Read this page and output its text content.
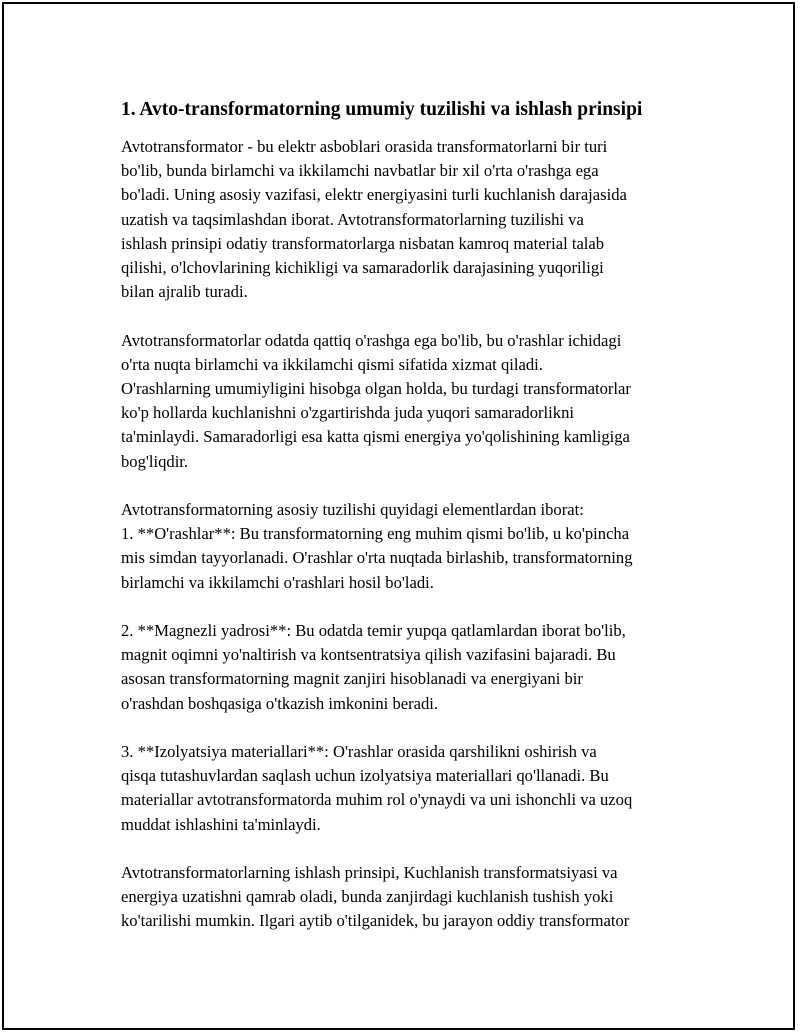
1. Avto-transformatorning umumiy tuzilishi va ishlash prinsipi
Avtotransformator - bu elektr asboblari orasida transformatorlarni bir turi
bo'lib, bunda birlamchi va ikkilamchi navbatlar bir xil o'rta o'rashga ega
bo'ladi. Uning asosiy vazifasi, elektr energiyasini turli kuchlanish darajasida
uzatish va taqsimlashdan iborat. Avtotransformatorlarning tuzilishi va
ishlash prinsipi odatiy transformatorlarga nisbatan kamroq material talab
qilishi, o'lchovlarining kichikligi va samaradorlik darajasining yuqoriligi
bilan ajralib turadi.
Avtotransformatorlar odatda qattiq o'rashga ega bo'lib, bu o'rashlar ichidagi
o'rta nuqta birlamchi va ikkilamchi qismi sifatida xizmat qiladi.
O'rashlarning umumiyligini hisobga olgan holda, bu turdagi transformatorlar
ko'p hollarda kuchlanishni o'zgartirishda juda yuqori samaradorlikni
ta'minlaydi. Samaradorligi esa katta qismi energiya yo'qolishining kamligiga
bog'liqdir.
Avtotransformatorning asosiy tuzilishi quyidagi elementlardan iborat:
1. **O'rashlar**: Bu transformatorning eng muhim qismi bo'lib, u ko'pincha
mis simdan tayyorlanadi. O'rashlar o'rta nuqtada birlashib, transformatorning
birlamchi va ikkilamchi o'rashlari hosil bo'ladi.
2. **Magnezli yadrosi**: Bu odatda temir yupqa qatlamlardan iborat bo'lib,
magnit oqimni yo'naltirish va kontsentratsiya qilish vazifasini bajaradi. Bu
asosan transformatorning magnit zanjiri hisoblanadi va energiyani bir
o'rashdan boshqasiga o'tkazish imkonini beradi.
3. **Izolyatsiya materiallari**: O'rashlar orasida qarshilikni oshirish va
qisqa tutashuvlardan saqlash uchun izolyatsiya materiallari qo'llanadi. Bu
materiallar avtotransformatorda muhim rol o'ynaydi va uni ishonchli va uzoq
muddat ishlashini ta'minlaydi.
Avtotransformatorlarning ishlash prinsipi, Kuchlanish transformatsiyasi va
energiya uzatishni qamrab oladi, bunda zanjirdagi kuchlanish tushish yoki
ko'tarilishi mumkin. Ilgari aytib o'tilganidek, bu jarayon oddiy transformator
